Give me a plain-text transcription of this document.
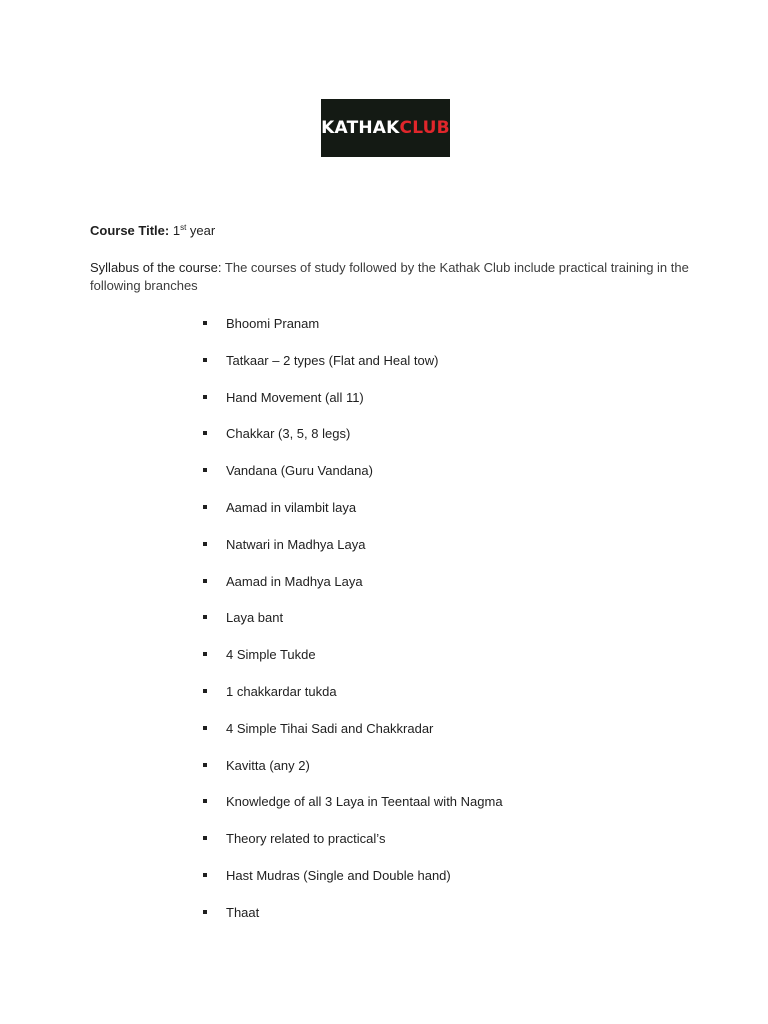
KATHAK CLUB
Course Title: 1st year
Syllabus of the course: The courses of study followed by the Kathak Club include practical training in the following branches
Bhoomi Pranam
Tatkaar – 2 types (Flat and Heal tow)
Hand Movement (all 11)
Chakkar (3, 5, 8 legs)
Vandana (Guru Vandana)
Aamad in vilambit laya
Natwari in Madhya Laya
Aamad in Madhya Laya
Laya bant
4 Simple Tukde
1 chakkardar tukda
4 Simple Tihai Sadi and Chakkradar
Kavitta (any 2)
Knowledge of all 3 Laya in Teentaal with Nagma
Theory related to practical’s
Hast Mudras (Single and Double hand)
Thaat
